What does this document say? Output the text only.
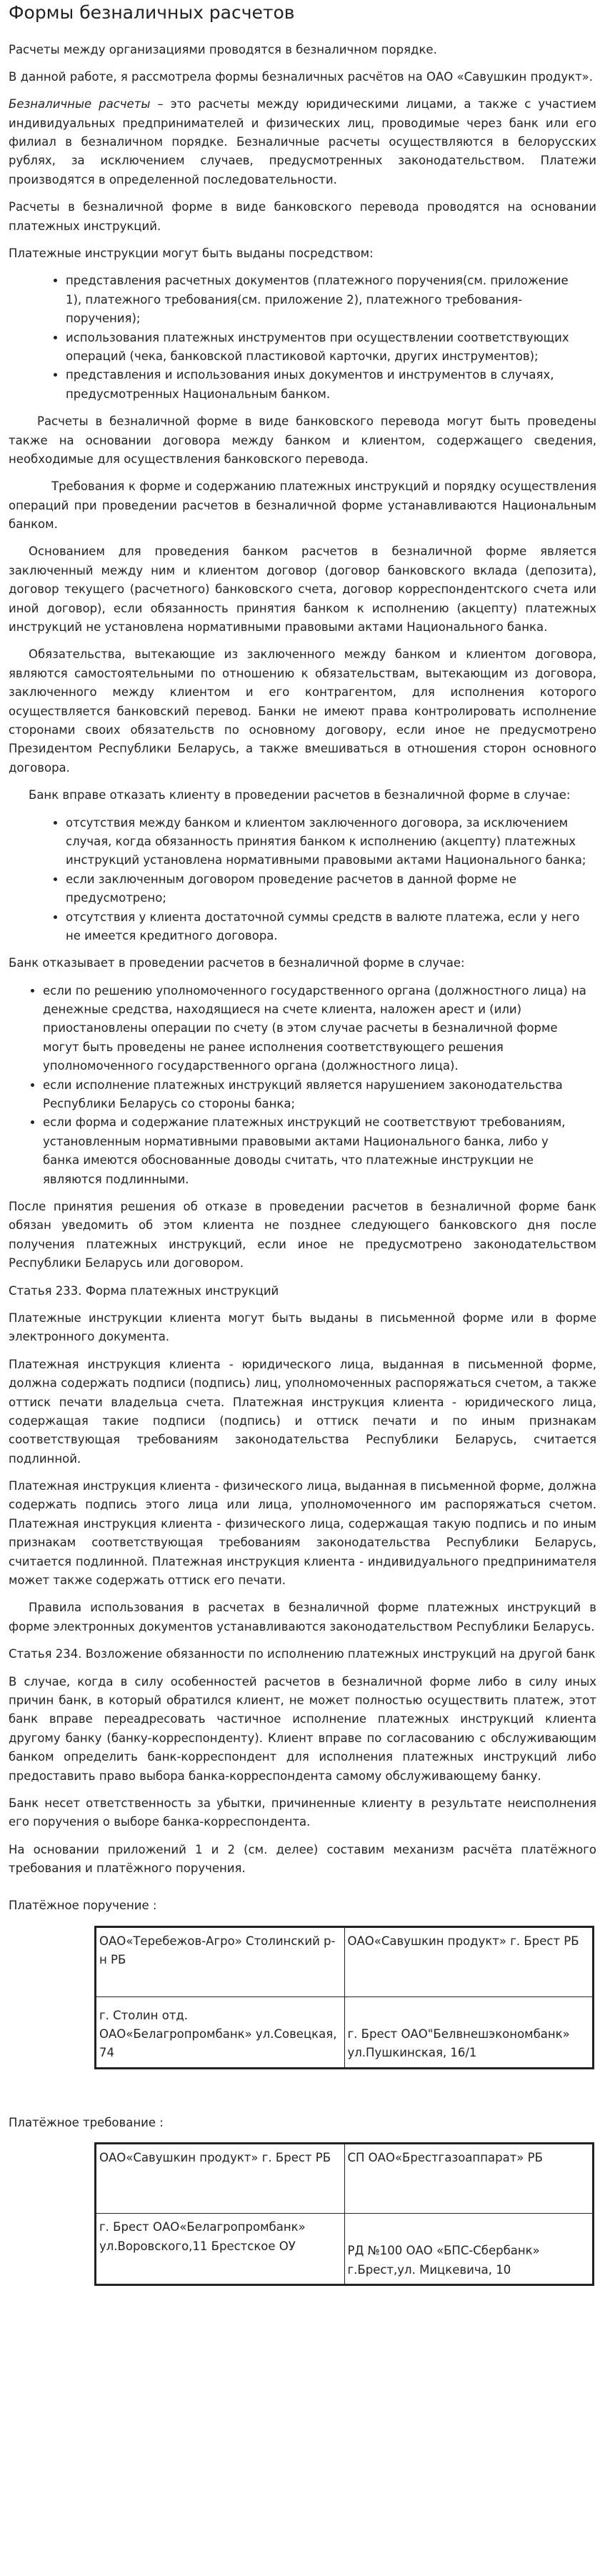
Формы безналичных расчетов

Расчеты между организациями проводятся в безналичном порядке.

В данной работе, я рассмотрела формы безналичных расчётов на ОАО «Савушкин продукт».

Безналичные расчеты – это расчеты между юридическими лицами, а также с участием индивидуальных предпринимателей и физических лиц, проводимые через банк или его филиал в безналичном порядке. Безналичные расчеты осуществляются в белорусских рублях, за исключением случаев, предусмотренных законодательством. Платежи производятся в определенной последовательности.

Расчеты в безналичной форме в виде банковского перевода проводятся на основании платежных инструкций.

Платежные инструкции могут быть выданы посредством:

• представления расчетных документов (платежного поручения(см. приложение 1), платежного требования(см. приложение 2), платежного требования-поручения);
• использования платежных инструментов при осуществлении соответствующих операций (чека, банковской пластиковой карточки, других инструментов);
• представления и использования иных документов и инструментов в случаях, предусмотренных Национальным банком.

Расчеты в безналичной форме в виде банковского перевода могут быть проведены также на основании договора между банком и клиентом, содержащего сведения, необходимые для осуществления банковского перевода.

Требования к форме и содержанию платежных инструкций и порядку осуществления операций при проведении расчетов в безналичной форме устанавливаются Национальным банком.

Основанием для проведения банком расчетов в безналичной форме является заключенный между ним и клиентом договор (договор банковского вклада (депозита), договор текущего (расчетного) банковского счета, договор корреспондентского счета или иной договор), если обязанность принятия банком к исполнению (акцепту) платежных инструкций не установлена нормативными правовыми актами Национального банка.

Обязательства, вытекающие из заключенного между банком и клиентом договора, являются самостоятельными по отношению к обязательствам, вытекающим из договора, заключенного между клиентом и его контрагентом, для исполнения которого осуществляется банковский перевод. Банки не имеют права контролировать исполнение сторонами своих обязательств по основному договору, если иное не предусмотрено Президентом Республики Беларусь, а также вмешиваться в отношения сторон основного договора.

Банк вправе отказать клиенту в проведении расчетов в безналичной форме в случае:

• отсутствия между банком и клиентом заключенного договора, за исключением случая, когда обязанность принятия банком к исполнению (акцепту) платежных инструкций установлена нормативными правовыми актами Национального банка;
• если заключенным договором проведение расчетов в данной форме не предусмотрено;
• отсутствия у клиента достаточной суммы средств в валюте платежа, если у него не имеется кредитного договора.

Банк отказывает в проведении расчетов в безналичной форме в случае:

• если по решению уполномоченного государственного органа (должностного лица) на денежные средства, находящиеся на счете клиента, наложен арест и (или) приостановлены операции по счету (в этом случае расчеты в безналичной форме могут быть проведены не ранее исполнения соответствующего решения уполномоченного государственного органа (должностного лица).
• если исполнение платежных инструкций является нарушением законодательства Республики Беларусь со стороны банка;
• если форма и содержание платежных инструкций не соответствуют требованиям, установленным нормативными правовыми актами Национального банка, либо у банка имеются обоснованные доводы считать, что платежные инструкции не являются подлинными.

После принятия решения об отказе в проведении расчетов в безналичной форме банк обязан уведомить об этом клиента не позднее следующего банковского дня после получения платежных инструкций, если иное не предусмотрено законодательством Республики Беларусь или договором.

Статья 233. Форма платежных инструкций

Платежные инструкции клиента могут быть выданы в письменной форме или в форме электронного документа.

Платежная инструкция клиента - юридического лица, выданная в письменной форме, должна содержать подписи (подпись) лиц, уполномоченных распоряжаться счетом, а также оттиск печати владельца счета. Платежная инструкция клиента - юридического лица, содержащая такие подписи (подпись) и оттиск печати и по иным признакам соответствующая требованиям законодательства Республики Беларусь, считается подлинной.

Платежная инструкция клиента - физического лица, выданная в письменной форме, должна содержать подпись этого лица или лица, уполномоченного им распоряжаться счетом. Платежная инструкция клиента - физического лица, содержащая такую подпись и по иным признакам соответствующая требованиям законодательства Республики Беларусь, считается подлинной. Платежная инструкция клиента - индивидуального предпринимателя может также содержать оттиск его печати.

Правила использования в расчетах в безналичной форме платежных инструкций в форме электронных документов устанавливаются законодательством Республики Беларусь.

Статья 234. Возложение обязанности по исполнению платежных инструкций на другой банк

В случае, когда в силу особенностей расчетов в безналичной форме либо в силу иных причин банк, в который обратился клиент, не может полностью осуществить платеж, этот банк вправе переадресовать частичное исполнение платежных инструкций клиента другому банку (банку-корреспонденту). Клиент вправе по согласованию с обслуживающим банком определить банк-корреспондент для исполнения платежных инструкций либо предоставить право выбора банка-корреспондента самому обслуживающему банку.

Банк несет ответственность за убытки, причиненные клиенту в результате неисполнения его поручения о выборе банка-корреспондента.

На основании приложений 1 и 2 (см. делее) составим механизм расчёта платёжного требования и платёжного поручения.

Платёжное поручение :

ОАО«Теребежов-Агро» Столинский р-н РБ	ОАО«Савушкин продукт» г. Брест РБ
г. Столин отд. ОАО«Белагропромбанк» ул.Совецкая, 74	г. Брест ОАО"Белвнешэкономбанк» ул.Пушкинская, 16/1

Платёжное требование :

ОАО«Савушкин продукт» г. Брест РБ	СП ОАО«Брестгазоаппарат» РБ
г. Брест ОАО«Белагропромбанк» ул.Воровского,11 Брестское ОУ	РД №100 ОАО «БПС-Сбербанк» г.Брест,ул. Мицкевича, 10
